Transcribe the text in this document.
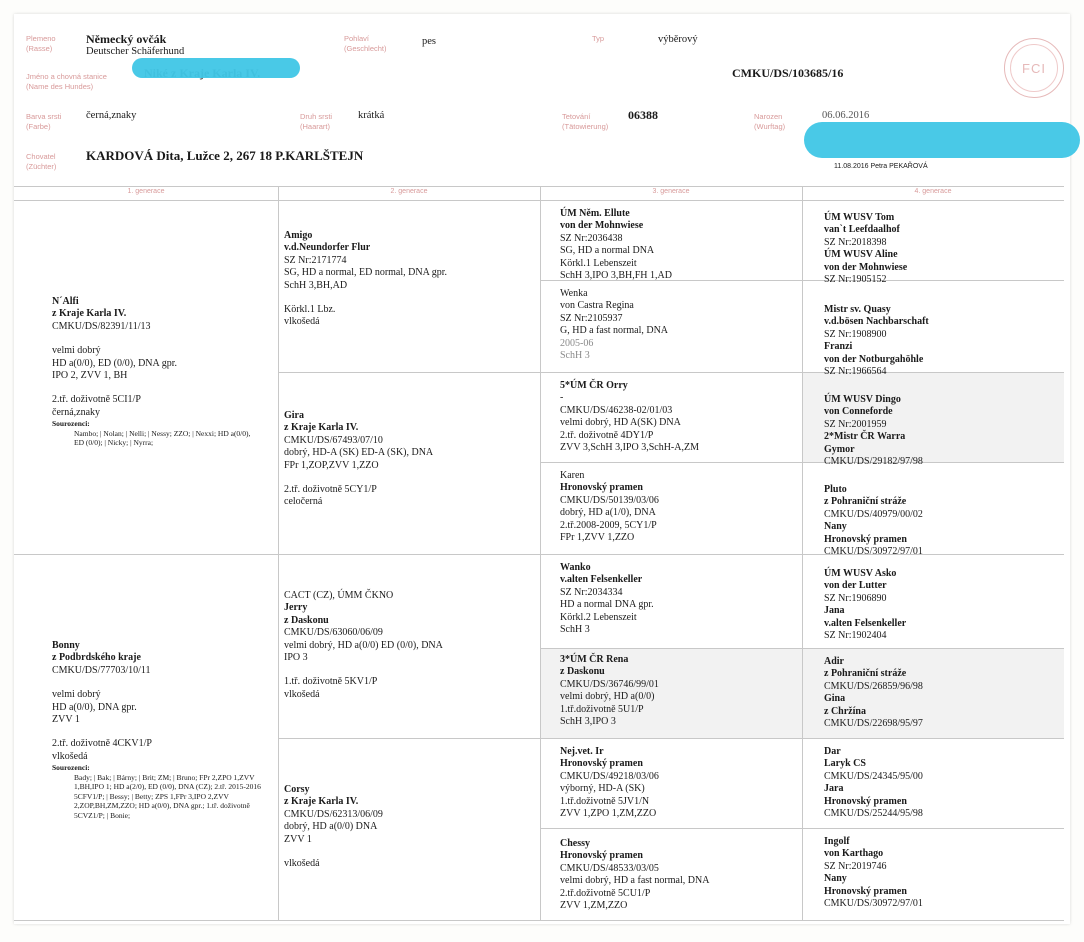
Plemeno
(Rasse)
Německý ovčák
Deutscher Schäferhund
Pohlaví
(Geschlecht)
pes	Typ	výběrový
Jméno a chovná stanice
(Name des Hundes)
CMKU/DS/103685/16	FCI
Barva srsti
(Farbe)
černá,znaky	Druh srsti
(Haarart)
krátká	Tetování
(Tätowierung)
06388	Narozen
(Wurftag)
06.06.2016
Chovatel
(Züchter)
KARDOVÁ Dita, Lužce 2, 267 18 P.KARLŠTEJN
11.08.2016 Petra PEKAŘOVÁ
1. generace	2. generace	3. generace	4. generace
N´Alfi
z Kraje Karla IV.
CMKU/DS/82391/11/13
velmi dobrý
HD a(0/0), ED (0/0), DNA gpr.
IPO 2, ZVV 1, BH
2.tř. doživotně 5CI1/P
černá,znaky
Sourozenci:
Nambo; | Nolan; | Nelli; | Nessy; ZZO; | Nexxi; HD a(0/0), ED (0/0); | Nicky; | Nyrra;
Bonny
z Podbrdského kraje
CMKU/DS/77703/10/11
velmi dobrý
HD a(0/0), DNA gpr.
ZVV 1
2.tř. doživotně 4CKV1/P
vlkošedá
Sourozenci:
Bady; | Bak; | Bárny; | Brit; ZM; | Bruno; FPr 2,ZPO 1,ZVV 1,BH,IPO 1; HD a(2/0), ED (0/0), DNA (CZ); 2.tř. 2015-2016 5CFV1/P; | Bessy; | Betty; ZPS 1,FPr 3,IPO 2,ZVV 2,ZOP,BH,ZM,ZZO; HD a(0/0), DNA gpr.; 1.tř. doživotně 5CVZ1/P; | Bonie;
Amigo
v.d.Neundorfer Flur
SZ Nr:2171774
SG, HD a normal, ED normal, DNA gpr.
SchH 3,BH,AD
Körkl.1 Lbz.
vlkošedá
Gira
z Kraje Karla IV.
CMKU/DS/67493/07/10
dobrý, HD-A (SK) ED-A (SK), DNA
FPr 1,ZOP,ZVV 1,ZZO
2.tř. doživotně 5CY1/P
celočerná
CACT (CZ), ÚMM ČKNO
Jerry
z Daskonu
CMKU/DS/63060/06/09
velmi dobrý, HD a(0/0) ED (0/0), DNA
IPO 3
1.tř. doživotně 5KV1/P
vlkošedá
Corsy
z Kraje Karla IV.
CMKU/DS/62313/06/09
dobrý, HD a(0/0) DNA
ZVV 1
vlkošedá
ÚM Něm. Ellute
von der Mohnwiese
SZ Nr:2036438
SG, HD a normal DNA
Körkl.1 Lebenszeit
SchH 3,IPO 3,BH,FH 1,AD
Wenka
von Castra Regina
SZ Nr:2105937
G, HD a fast normal, DNA
2005-06
SchH 3
5*ÚM ČR Orry
-
CMKU/DS/46238-02/01/03
velmi dobrý, HD A(SK) DNA
2.tř. doživotně 4DY1/P
ZVV 3,SchH 3,IPO 3,SchH-A,ZM
Karen
Hronovský pramen
CMKU/DS/50139/03/06
dobrý, HD a(1/0), DNA
2.tř.2008-2009, 5CY1/P
FPr 1,ZVV 1,ZZO
Wanko
v.alten Felsenkeller
SZ Nr:2034334
HD a normal DNA gpr.
Körkl.2 Lebenszeit
SchH 3
3*ÚM ČR Rena
z Daskonu
CMKU/DS/36746/99/01
velmi dobrý, HD a(0/0)
1.tř.doživotně 5U1/P
SchH 3,IPO 3
Nej.vet. Ir
Hronovský pramen
CMKU/DS/49218/03/06
výborný, HD-A (SK)
1.tř.doživotně 5JV1/N
ZVV 1,ZPO 1,ZM,ZZO
Chessy
Hronovský pramen
CMKU/DS/48533/03/05
velmi dobrý, HD a fast normal, DNA
2.tř.doživotně 5CU1/P
ZVV 1,ZM,ZZO
ÚM WUSV Tom
van`t Leefdaalhof
SZ Nr:2018398
ÚM WUSV Aline
von der Mohnwiese
SZ Nr:1905152
Mistr sv. Quasy
v.d.bösen Nachbarschaft
SZ Nr:1908900
Franzi
von der Notburgahöhle
SZ Nr:1966564
ÚM WUSV Dingo
von Conneforde
SZ Nr:2001959
2*Mistr ČR Warra
Gymor
CMKU/DS/29182/97/98
Pluto
z Pohraniční stráže
CMKU/DS/40979/00/02
Nany
Hronovský pramen
CMKU/DS/30972/97/01
ÚM WUSV Asko
von der Lutter
SZ Nr:1906890
Jana
v.alten Felsenkeller
SZ Nr:1902404
Adir
z Pohraniční stráže
CMKU/DS/26859/96/98
Gina
z Chržína
CMKU/DS/22698/95/97
Dar
Laryk CS
CMKU/DS/24345/95/00
Jara
Hronovský pramen
CMKU/DS/25244/95/98
Ingolf
von Karthago
SZ Nr:2019746
Nany
Hronovský pramen
CMKU/DS/30972/97/01
